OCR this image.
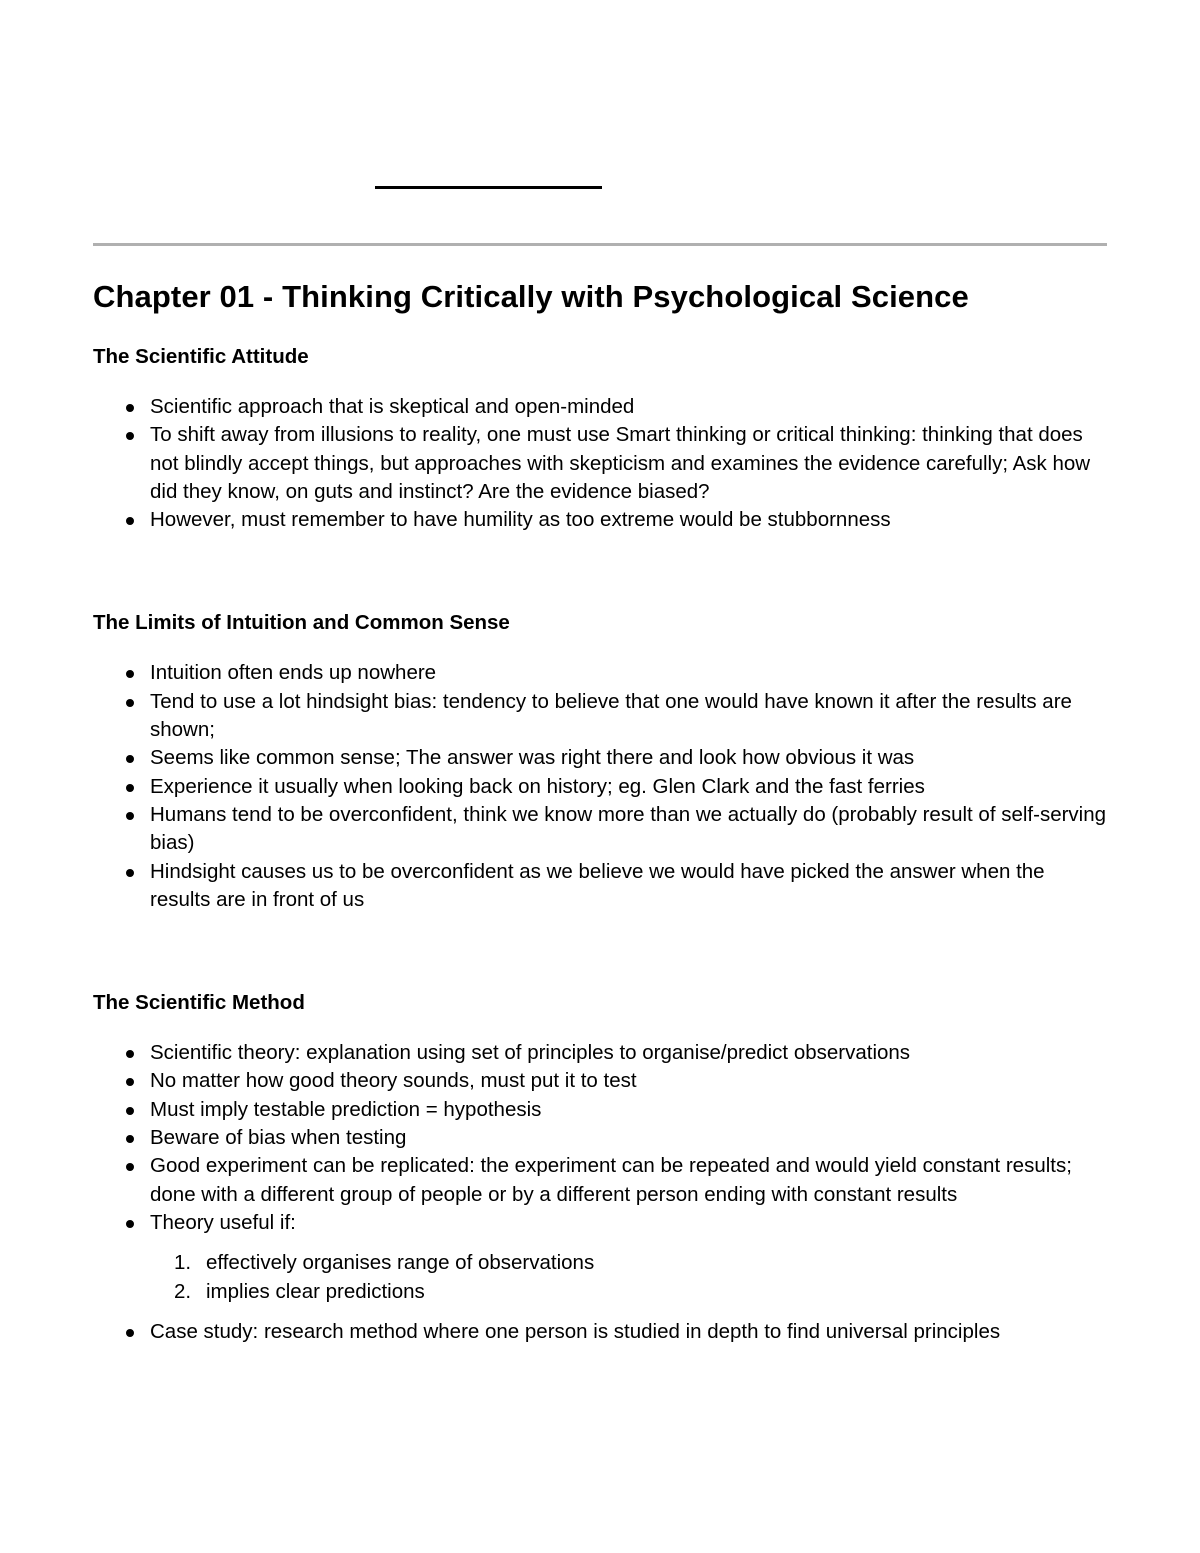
Chapter 01 - Thinking Critically with Psychological Science
The Scientific Attitude
Scientific approach that is skeptical and open-minded
To shift away from illusions to reality, one must use Smart thinking or critical thinking: thinking that does not blindly accept things, but approaches with skepticism and examines the evidence carefully; Ask how did they know, on guts and instinct? Are the evidence biased?
However, must remember to have humility as too extreme would be stubbornness
The Limits of Intuition and Common Sense
Intuition often ends up nowhere
Tend to use a lot hindsight bias: tendency to believe that one would have known it after the results are shown;
Seems like common sense; The answer was right there and look how obvious it was
Experience it usually when looking back on history; eg. Glen Clark and the fast ferries
Humans tend to be overconfident, think we know more than we actually do (probably result of self-serving bias)
Hindsight causes us to be overconfident as we believe we would have picked the answer when the results are in front of us
The Scientific Method
Scientific theory: explanation using set of principles to organise/predict observations
No matter how good theory sounds, must put it to test
Must imply testable prediction = hypothesis
Beware of bias when testing
Good experiment can be replicated: the experiment can be repeated and would yield constant results; done with a different group of people or by a different person ending with constant results
Theory useful if:
1. effectively organises range of observations
2. implies clear predictions
Case study: research method where one person is studied in depth to find universal principles
